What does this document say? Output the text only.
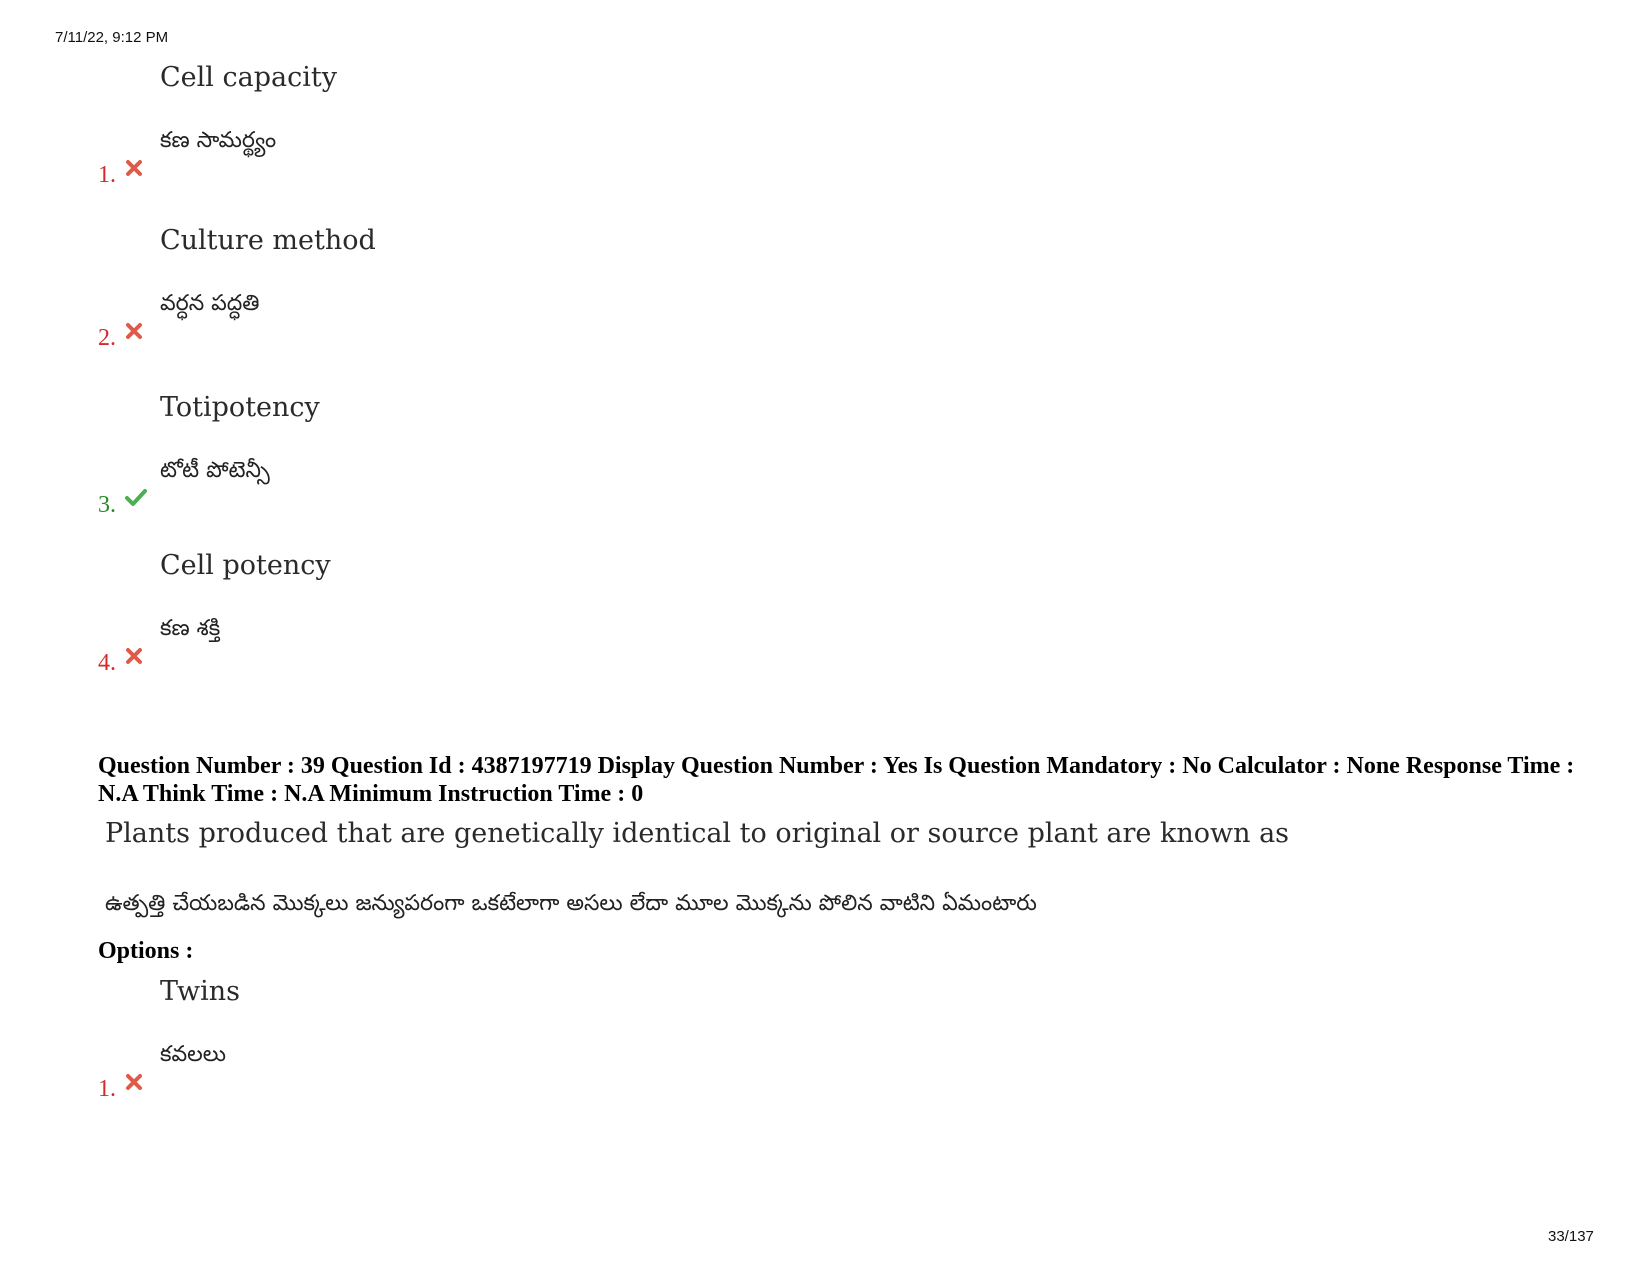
7/11/22, 9:12 PM
Cell capacity
కణ సామర్థ్యం
1.
Culture method
వర్ధన పద్ధతి
2.
Totipotency
టోటీ పోటెన్సీ
3.
Cell potency
కణ శక్తి
4.
Question Number : 39 Question Id : 4387197719 Display Question Number : Yes Is Question Mandatory : No Calculator : None Response Time : N.A Think Time : N.A Minimum Instruction Time : 0
Plants produced that are genetically identical to original or source plant are known as
ఉత్పత్తి చేయబడిన మొక్కలు జన్యుపరంగా ఒకటేలాగా అసలు లేదా మూల మొక్కను పోలిన వాటిని ఏమంటారు
Options :
Twins
కవలలు
1.
33/137
